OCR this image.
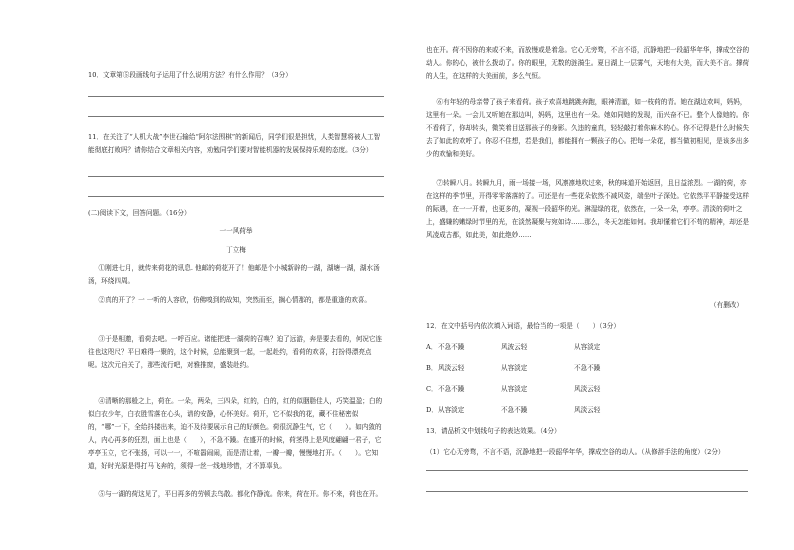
10．文章第⑤段画线句子运用了什么说明方法？有什么作用？（3分）
11．在关注了“人机大战”李世石输给“阿尔法围棋”的新闻后，同学们很是担忧，人类智慧将被人工智能彻底打败吗？请你结合文章相关内容，劝勉同学们要对智能机器的发展保持乐观的态度。（3分）
(二)阅读下文，回答问题。（16分）
一一风荷举
丁立梅
①刚进七月，就传来荷花的讯息. 他邮的荷花开了！他邮是个小城新辟的一湖，湖塘一湖，湖水汤汤，环绕四周。
②真的开了？一 一听的人容欣，仿佛嗅到的故知，突然而至，搁心情那的，都是重逢的欢喜。
③于是相邀，看荷去吧。一呼百应。诸能把进一湖荷的召唤？迫了远游，奔是要去看的，何况它连往也这咫尺？平日难得一聚的，这个时候，总能聚到一起，一起赴约，看荷的欢喜，打扮得漂亮点呢。这次元自关了，那些流行吧，对雅推窗，盛装赴约。
④清晰的那般之上，荷在。一朵，两朵，三四朵，红的，白的，红的似胭脂佳人，巧笑温盈；白的似白衣少年，白衣胜雪落在心头，谱的安静，心怀美好。荷开，它不似我的花，藏不住秘密似的，“哪”一下，全给抖搂出来，迫不及待要展示自己的好颜色。荷很沉静生气，它（　　）。如内敛的人，内心再多的狂烈，面上也是（　　），不急不躁。在盛开的时候，荷茎得上是风度翩翩一君子，它亭亭玉立，它不张扬，可以一一，不喧嚣闹闹，而是清让着，一瓣一瓣，慢慢地打开。（　　）。它知道，好时光原是得打马飞奔的，须得一丝一线地珍惜，才不算辜负。
⑤与一湖的荷这见了，平日再多的劳顿去鸟散。都化作静流。你来，荷在开。你不来，荷也在开。
也在开。荷不因你的来或不来，而放慢或是着急。它心无旁骛，不言不语，沉静地把一段韶华年华，撑成空谷的动人。你的心，被什么拨动了。你的眼里，无数的涟漪生。夏日湖上一层雾气，天地有大美，而大美不言。撑荷的人生，在这样的大美面前，多么气恒。
⑥有年轻的母亲带了孩子来看荷。孩子欢喜地跳跳奔跑，眼神清澈，如一枝荷的青。她在湖边欢叫，妈妈，这里有一朵。一会儿又听她在那边叫，妈妈，这里也有一朵。她如同她的发现，而兴奋不已。整个人像她的。你不看荷了，你却转头，微笑着目送那孩子的身影。久违的童真，轻轻敲打着你麻木的心。你不记得是什么时候失去了如此的欢呼了。你忍不住想，若是我们，都能拥有一颗孩子的心。把每一朵花，都当做初相见，是该多出多少的欢愉和美好。
⑦转瞬八月。转瞬九月，雨一场接一场，风凛凛地吹过来，秋的味道开始返回，且日益浓烈。一湖的荷，亦在这样的季节里，开得零零落落的了。可还是有一些花朵依然不减风姿，端坐叶子深处。它依然平平静接受这样的际遇，在一一开着，也更多的，凝视一段韶华的光。淋湿绿的花，依然在，一朵一朵，亭亭。清淡的荷叶之上，盛嫌的嫩绿时节里的光，在淡然凝聚与宛如诗……那么，冬天怎能如何。我却懂着它们不苟的精神，却还是风凌成古都，如此美，如此绝妙……
（有删改）
12．在文中括号内依次填入词语，最恰当的一项是（　　）（3分）
A． 不急不躁	风波云轻	从容淡定
B． 风淡云轻	从容淡定	不急不躁
C． 不急不躁	从容淡定	风淡云轻
D． 从容淡定	不急不躁	风淡云轻
13．请品析文中划线句子的表达效果。（4分）
（1）它心无旁骛，不言不语，沉静地把一段韶华年华，撑成空谷的动人。（从修辞手法的角度）（2分）
